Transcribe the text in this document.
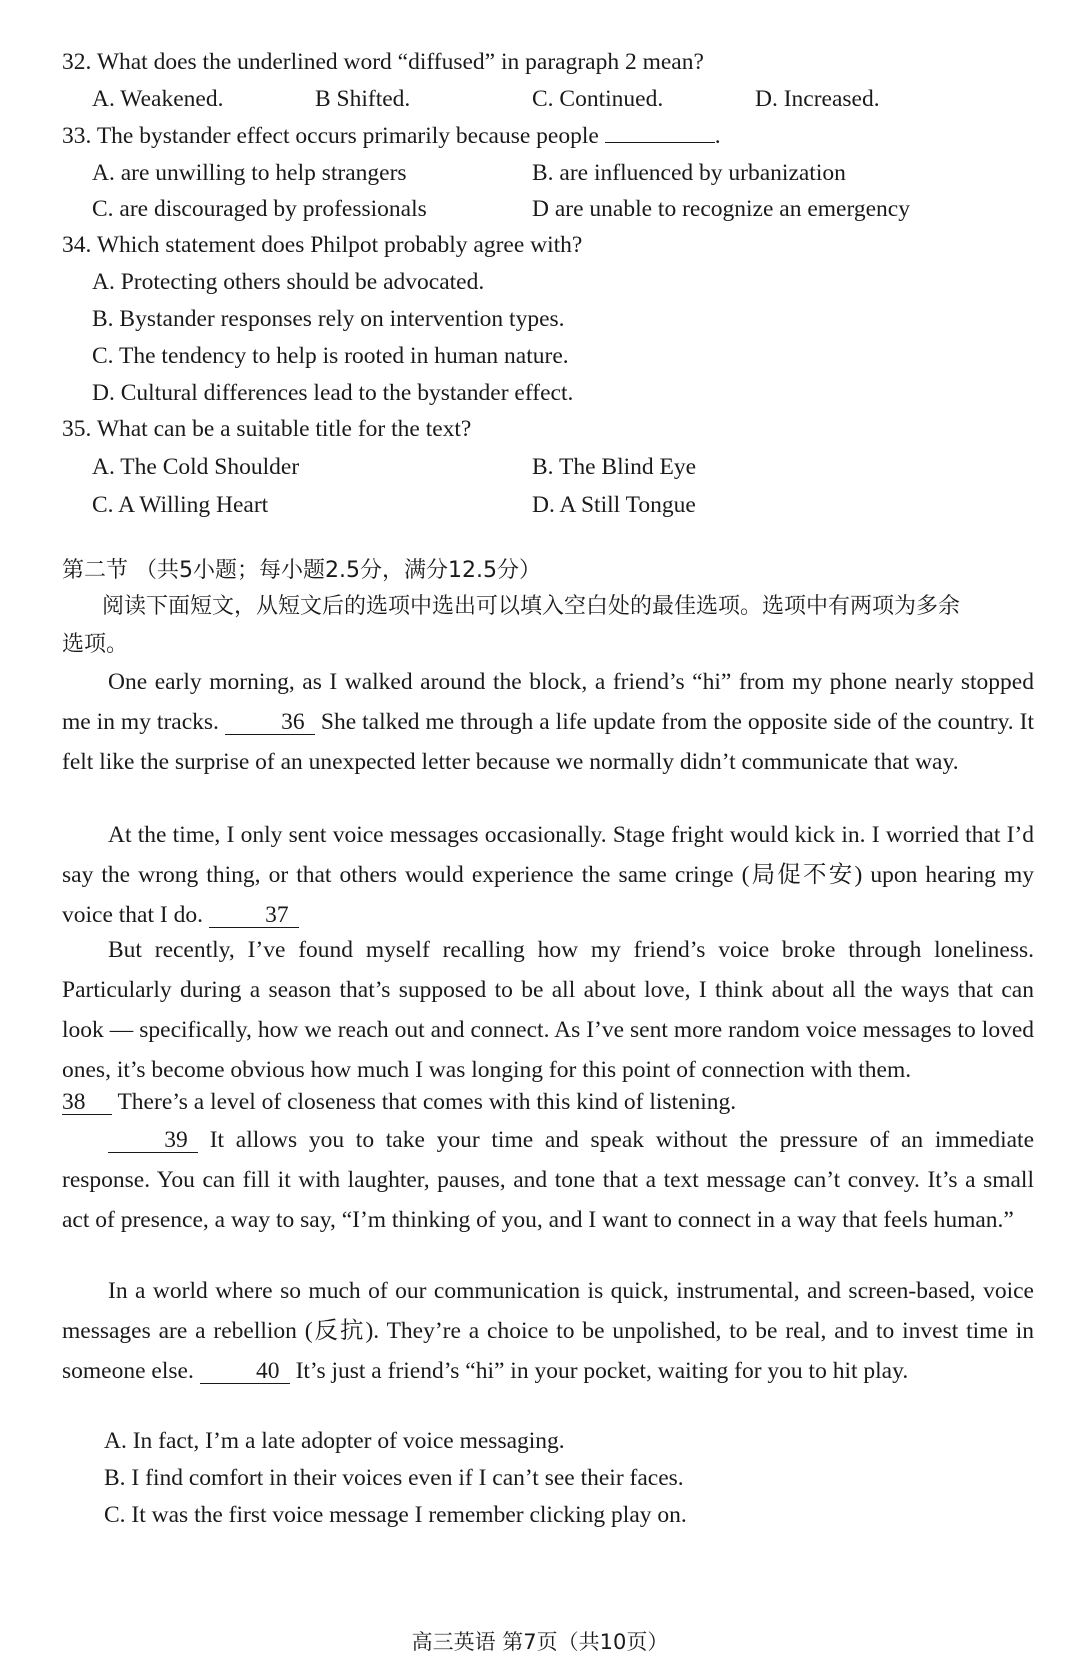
32. What does the underlined word “diffused” in paragraph 2 mean?
A. Weakened.	B Shifted.	C. Continued.	D. Increased.
33. The bystander effect occurs primarily because people	.
A. are unwilling to help strangers	B. are influenced by urbanization
C. are discouraged by professionals	D are unable to recognize an emergency
34. Which statement does Philpot probably agree with?
A. Protecting others should be advocated.
B. Bystander responses rely on intervention types.
C. The tendency to help is rooted in human nature.
D. Cultural differences lead to the bystander effect.
35. What can be a suitable title for the text?
A. The Cold Shoulder	B. The Blind Eye
C. A Willing Heart	D. A Still Tongue
第二节 （共5小题；每小题2.5分，满分12.5分）
阅读下面短文，从短文后的选项中选出可以填入空白处的最佳选项。选项中有两项为多余选项。
One early morning, as I walked around the block, a friend’s “hi” from my phone nearly stopped me in my tracks.	36 She talked me through a life update from the opposite side of the country. It felt like the surprise of an unexpected letter because we normally didn’t communicate that way.
At the time, I only sent voice messages occasionally. Stage fright would kick in. I worried that I’d say the wrong thing, or that others would experience the same cringe (局促不安) upon hearing my voice that I do.	37
But recently, I’ve found myself recalling how my friend’s voice broke through loneliness. Particularly during a season that’s supposed to be all about love, I think about all the ways that can look — specifically, how we reach out and connect. As I’ve sent more random voice messages to loved ones, it’s become obvious how much I was longing for this point of connection with them.
38 There’s a level of closeness that comes with this kind of listening.
39 It allows you to take your time and speak without the pressure of an immediate response. You can fill it with laughter, pauses, and tone that a text message can’t convey. It’s a small act of presence, a way to say, “I’m thinking of you, and I want to connect in a way that feels human.”
In a world where so much of our communication is quick, instrumental, and screen-based, voice messages are a rebellion (反抗). They’re a choice to be unpolished, to be real, and to invest time in someone else.	40 It’s just a friend’s “hi” in your pocket, waiting for you to hit play.
A. In fact, I’m a late adopter of voice messaging.
B. I find comfort in their voices even if I can’t see their faces.
C. It was the first voice message I remember clicking play on.
高三英语 第7页（共10页）
